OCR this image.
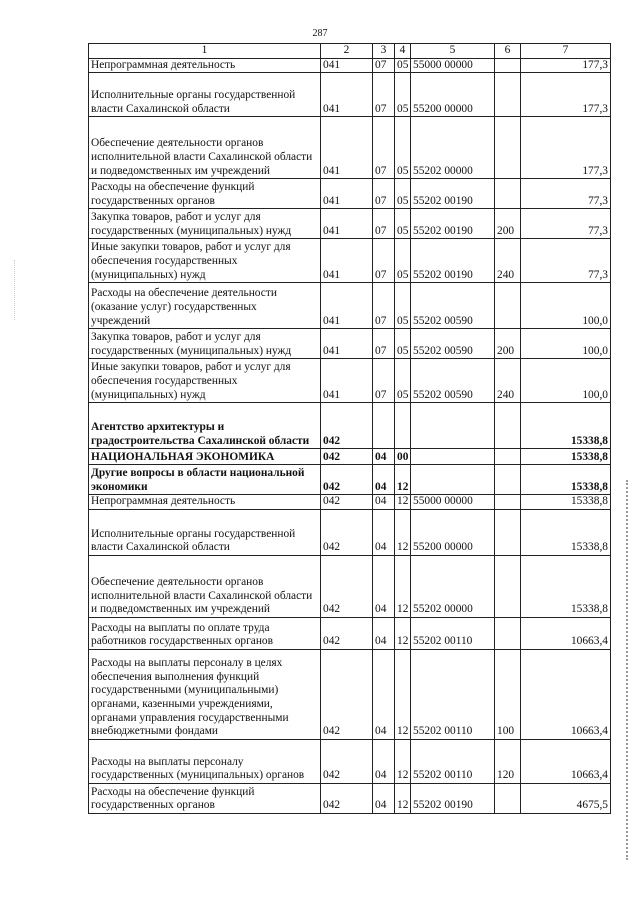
287
1	2	3	4	5	6	7
Непрограммная деятельность	041	07	05	55000 00000		177,3
Исполнительные органы государственной власти Сахалинской области	041	07	05	55200 00000		177,3
Обеспечение деятельности органов исполнительной власти Сахалинской области и подведомственных им учреждений	041	07	05	55202 00000		177,3
Расходы на обеспечение функций государственных органов	041	07	05	55202 00190		77,3
Закупка товаров, работ и услуг для государственных (муниципальных) нужд	041	07	05	55202 00190	200	77,3
Иные закупки товаров, работ и услуг для обеспечения государственных (муниципальных) нужд	041	07	05	55202 00190	240	77,3
Расходы на обеспечение деятельности (оказание услуг) государственных учреждений	041	07	05	55202 00590		100,0
Закупка товаров, работ и услуг для государственных (муниципальных) нужд	041	07	05	55202 00590	200	100,0
Иные закупки товаров, работ и услуг для обеспечения государственных (муниципальных) нужд	041	07	05	55202 00590	240	100,0
Агентство архитектуры и градостроительства Сахалинской области	042					15338,8
НАЦИОНАЛЬНАЯ ЭКОНОМИКА	042	04	00			15338,8
Другие вопросы в области национальной экономики	042	04	12			15338,8
Непрограммная деятельность	042	04	12	55000 00000		15338,8
Исполнительные органы государственной власти Сахалинской области	042	04	12	55200 00000		15338,8
Обеспечение деятельности органов исполнительной власти Сахалинской области и подведомственных им учреждений	042	04	12	55202 00000		15338,8
Расходы на выплаты по оплате труда работников государственных органов	042	04	12	55202 00110		10663,4
Расходы на выплаты персоналу в целях обеспечения выполнения функций государственными (муниципальными) органами, казенными учреждениями, органами управления государственными внебюджетными фондами	042	04	12	55202 00110	100	10663,4
Расходы на выплаты персоналу государственных (муниципальных) органов	042	04	12	55202 00110	120	10663,4
Расходы на обеспечение функций государственных органов	042	04	12	55202 00190		4675,5
